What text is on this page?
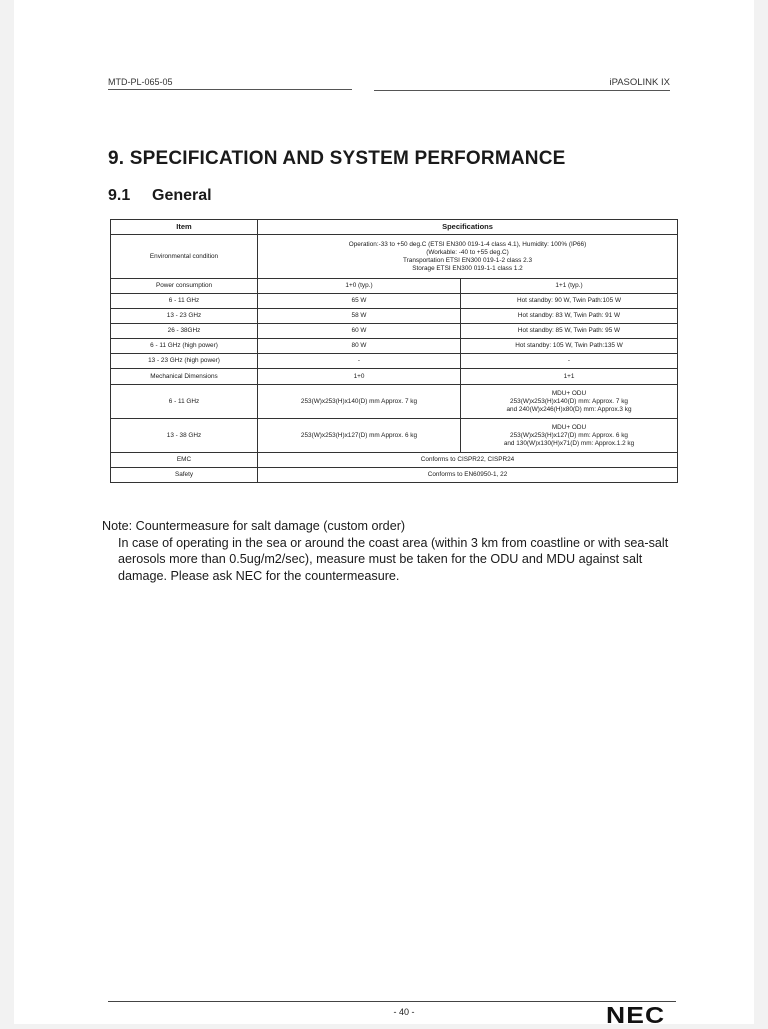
MTD-PL-065-05	iPASOLINK IX
9. SPECIFICATION AND SYSTEM PERFORMANCE
9.1 General
Item	Specifications	
Environmental condition	Operation:-33 to +50 deg.C (ETSI EN300 019-1-4 class 4.1), Humidity: 100% (IP66)
(Workable: -40 to +55 deg.C)
Transportation ETSI EN300 019-1-2 class 2.3
Storage ETSI EN300 019-1-1 class 1.2	

Power consumption	1+0 (typ.)	1+1 (typ.)
6 - 11 GHz	65 W	Hot standby: 90 W, Twin Path:105 W
13 - 23 GHz	58 W	Hot standby: 83 W, Twin Path: 91 W
26 - 38GHz	60 W	Hot standby: 85 W, Twin Path: 95 W
6 - 11 GHz (high power)	80 W	Hot standby: 105 W, Twin Path:135 W
13 - 23 GHz (high power)	-	-
Mechanical Dimensions	1+0	1+1
6 - 11 GHz	253(W)x253(H)x140(D) mm Approx. 7 kg	MDU+ ODU
253(W)x253(H)x140(D) mm: Approx. 7 kg
and 240(W)x246(H)x80(D) mm: Approx.3 kg

13 - 38 GHz	253(W)x253(H)x127(D) mm Approx. 6 kg	MDU+ ODU
253(W)x253(H)x127(D) mm: Approx. 6 kg
and 130(W)x130(H)x71(D) mm: Approx.1.2 kg

EMC	Conforms to CISPR22, CISPR24	
Safety	Conforms to EN60950-1, 22	
Note: Countermeasure for salt damage (custom order)
In case of operating in the sea or around the coast area (within 3 km from coastline or with sea-salt aerosols more than 0.5ug/m2/sec), measure must be taken for the ODU and MDU against salt damage. Please ask NEC for the countermeasure.
- 40 -	NEC
